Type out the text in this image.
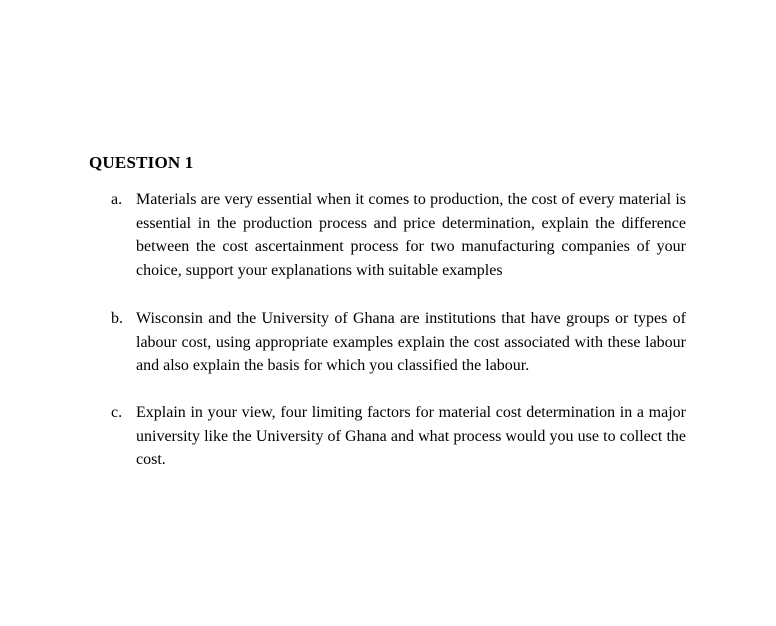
QUESTION 1
a. Materials are very essential when it comes to production, the cost of every material is essential in the production process and price determination, explain the difference between the cost ascertainment process for two manufacturing companies of your choice, support your explanations with suitable examples
b. Wisconsin and the University of Ghana are institutions that have groups or types of labour cost, using appropriate examples explain the cost associated with these labour and also explain the basis for which you classified the labour.
c. Explain in your view, four limiting factors for material cost determination in a major university like the University of Ghana and what process would you use to collect the cost.
